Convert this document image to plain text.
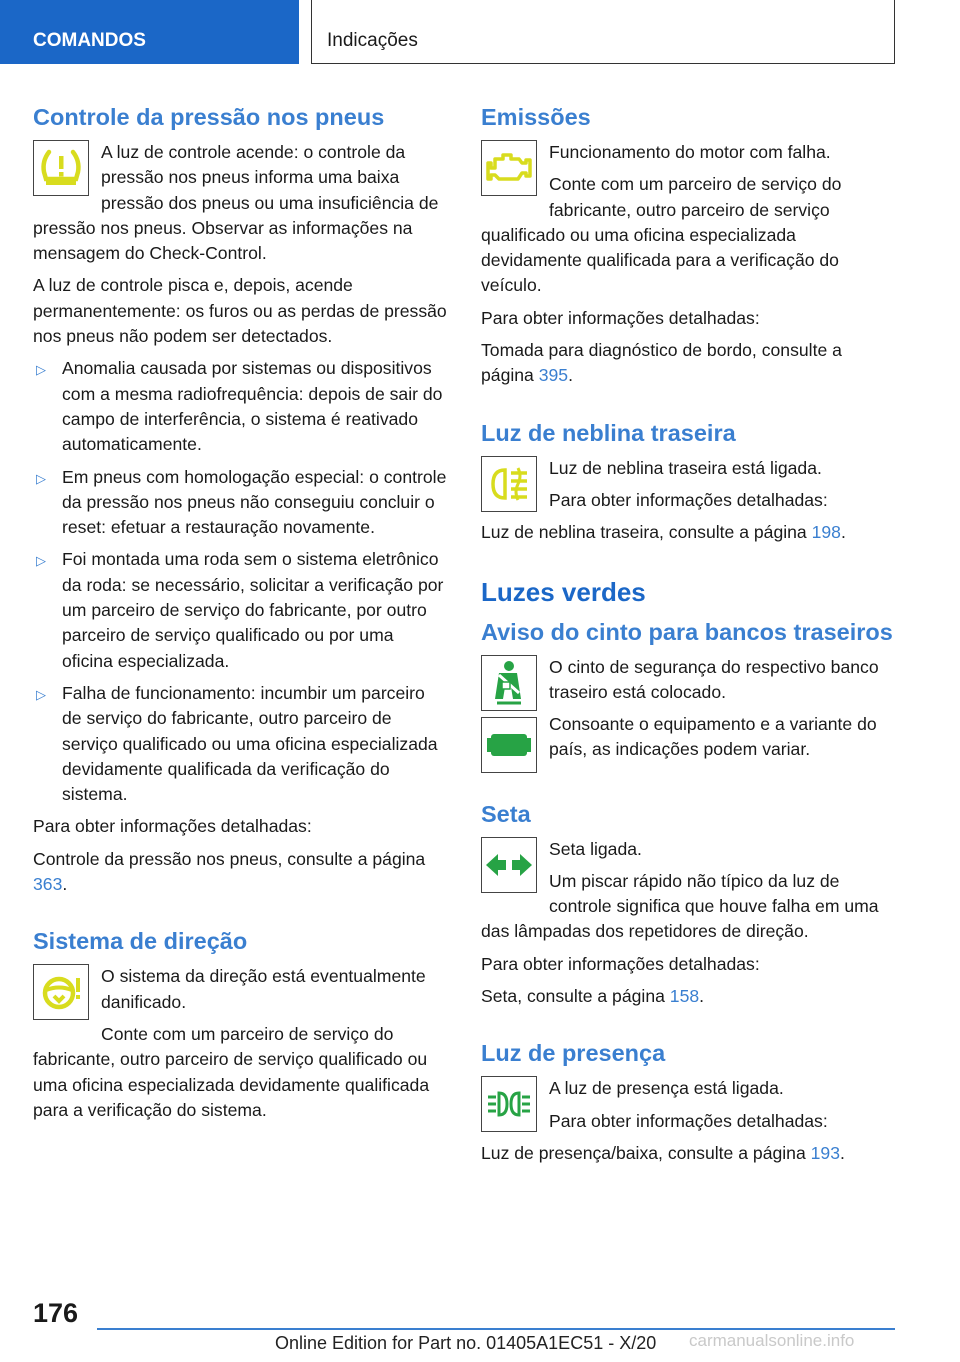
COMANDOS	Indicações
Controle da pressão nos pneus

A luz de controle acende: o controle da pressão nos pneus informa uma baixa pressão dos pneus ou uma insuficiência de pressão nos pneus. Observar as informações na mensagem do Check-Control.

A luz de controle pisca e, depois, acende permanentemente: os furos ou as perdas de pressão nos pneus não podem ser detectados.

▷ Anomalia causada por sistemas ou dispositivos com a mesma radiofrequência: depois de sair do campo de interferência, o sistema é reativado automaticamente.
▷ Em pneus com homologação especial: o controle da pressão nos pneus não conseguiu concluir o reset: efetuar a restauração novamente.
▷ Foi montada uma roda sem o sistema eletrônico da roda: se necessário, solicitar a verificação por um parceiro de serviço do fabricante, por outro parceiro de serviço qualificado ou por uma oficina especializada.
▷ Falha de funcionamento: incumbir um parceiro de serviço do fabricante, outro parceiro de serviço qualificado ou uma oficina especializada devidamente qualificada da verificação do sistema.

Para obter informações detalhadas:

Controle da pressão nos pneus, consulte a página 363.

Sistema de direção

O sistema da direção está eventualmente danificado.

Conte com um parceiro de serviço do fabricante, outro parceiro de serviço qualificado ou uma oficina especializada devidamente qualificada para a verificação do sistema.

Emissões

Funcionamento do motor com falha.

Conte com um parceiro de serviço do fabricante, outro parceiro de serviço qualificado ou uma oficina especializada devidamente qualificada para a verificação do veículo.

Para obter informações detalhadas:

Tomada para diagnóstico de bordo, consulte a página 395.

Luz de neblina traseira

Luz de neblina traseira está ligada.

Para obter informações detalhadas:

Luz de neblina traseira, consulte a página 198.

Luzes verdes
Aviso do cinto para bancos traseiros

O cinto de segurança do respectivo banco traseiro está colocado.

Consoante o equipamento e a variante do país, as indicações podem variar.

Seta

Seta ligada.

Um piscar rápido não típico da luz de controle significa que houve falha em uma das lâmpadas dos repetidores de direção.

Para obter informações detalhadas:

Seta, consulte a página 158.

Luz de presença

A luz de presença está ligada.

Para obter informações detalhadas:

Luz de presença/baixa, consulte a página 193.

176
Online Edition for Part no. 01405A1EC51 - X/20 carmanualsonline.info
